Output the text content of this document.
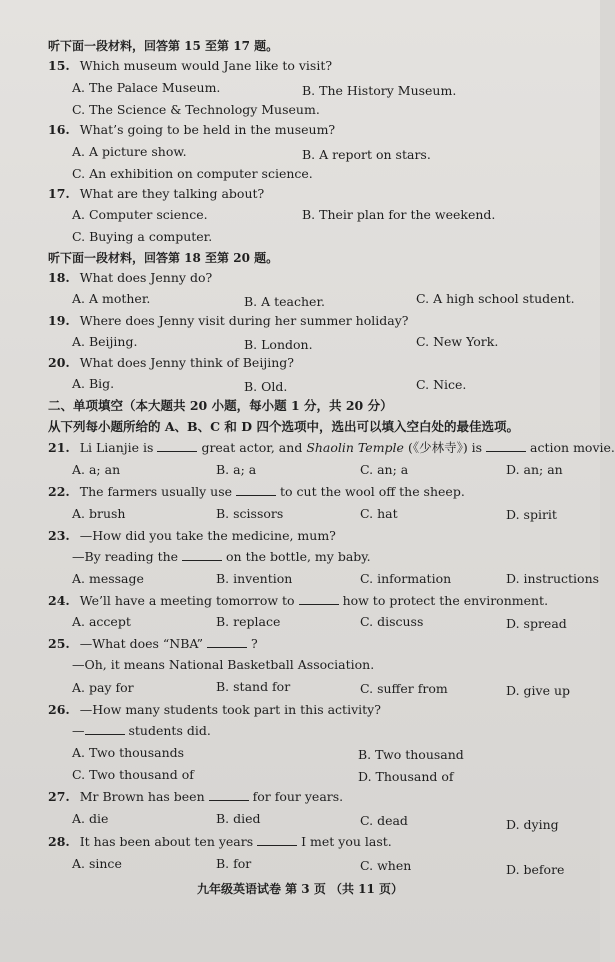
听下面一段材料，回答第 15 至第 17 题。
15. Which museum would Jane like to visit?
A. The Palace Museum.	B. The History Museum.
C. The Science & Technology Museum.
16. What’s going to be held in the museum?
A. A picture show.	B. A report on stars.
C. An exhibition on computer science.
17. What are they talking about?
A. Computer science.	B. Their plan for the weekend.
C. Buying a computer.
听下面一段材料，回答第 18 至第 20 题。
18. What does Jenny do?
A. A mother.	B. A teacher.	C. A high school student.
19. Where does Jenny visit during her summer holiday?
A. Beijing.	B. London.	C. New York.
20. What does Jenny think of Beijing?
A. Big.	B. Old.	C. Nice.
二、单项填空（本大题共 20 小题，每小题 1 分，共 20 分）
从下列每小题所给的 A、B、C 和 D 四个选项中，选出可以填入空白处的最佳选项。
21. Li Lianjie is	great actor, and Shaolin Temple (《少林寺》) is	action movie.
A. a; an	B. a; a	C. an; a	D. an; an
22. The farmers usually use	to cut the wool off the sheep.
A. brush	B. scissors	C. hat	D. spirit
23. —How did you take the medicine, mum?
—By reading the	on the bottle, my baby.
A. message	B. invention	C. information	D. instructions
24. We’ll have a meeting tomorrow to	how to protect the environment.
A. accept	B. replace	C. discuss	D. spread
25. —What does “NBA”	?
—Oh, it means National Basketball Association.
A. pay for	B. stand for	C. suffer from	D. give up
26. —How many students took part in this activity?
—	students did.
A. Two thousands	B. Two thousand
C. Two thousand of	D. Thousand of
27. Mr Brown has been	for four years.
A. die	B. died	C. dead	D. dying
28. It has been about ten years	I met you last.
A. since	B. for	C. when	D. before
九年级英语试卷 第 3 页 （共 11 页）
